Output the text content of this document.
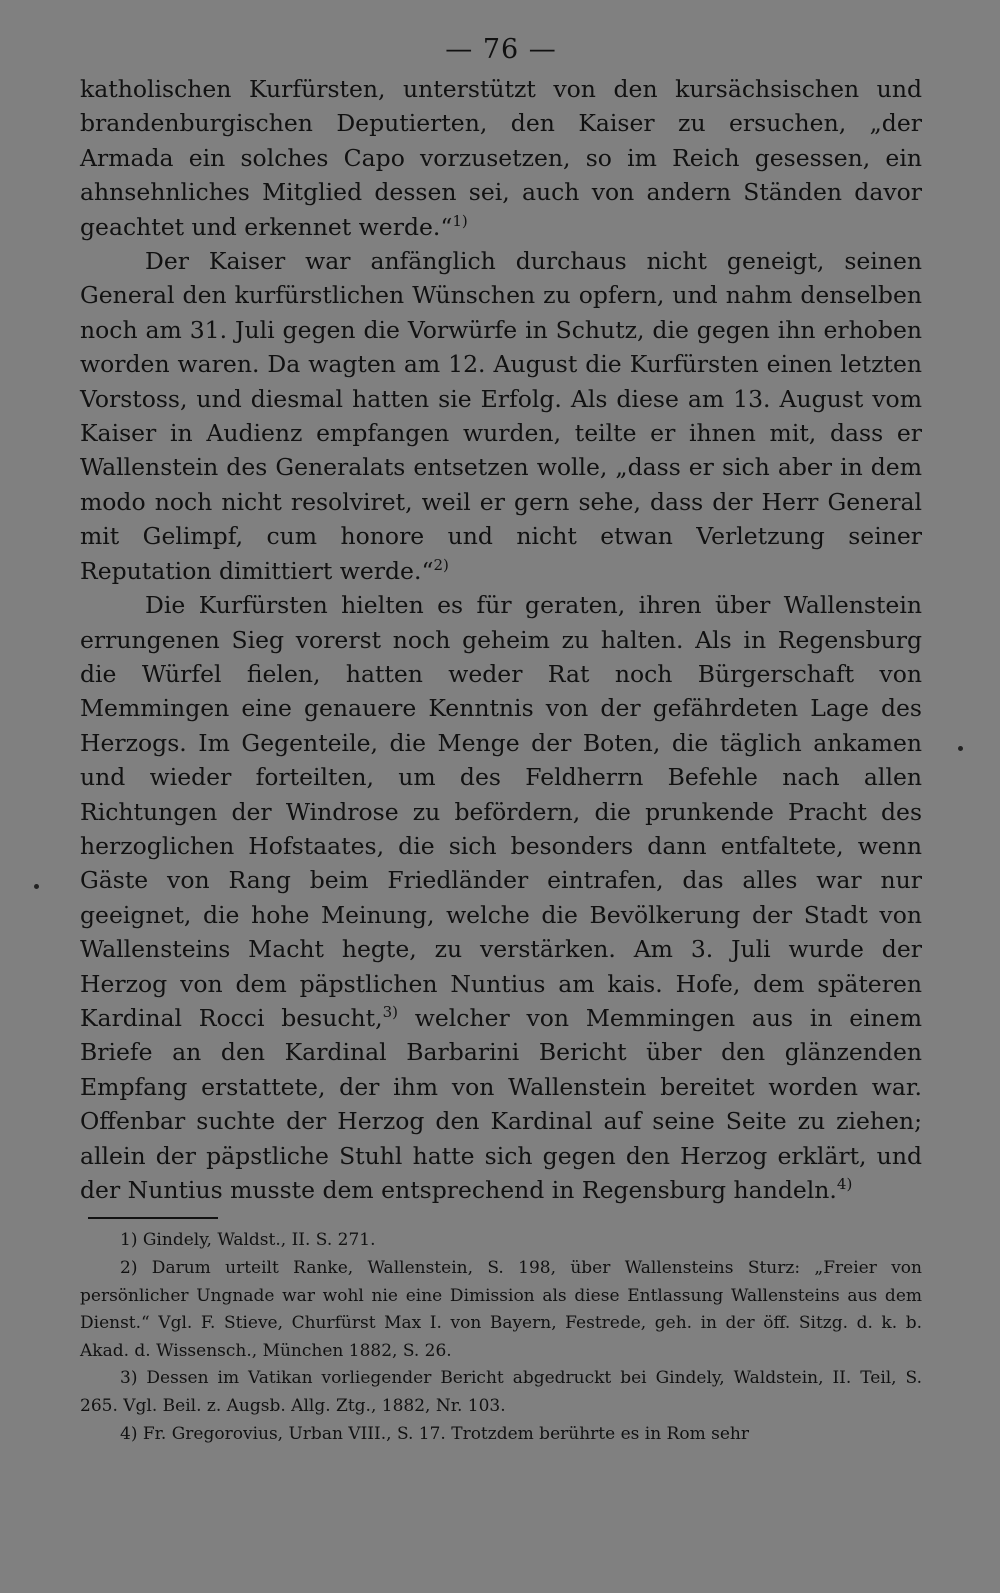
— 76 —

katholischen Kurfürsten, unterstützt von den kursächsischen und brandenburgischen Deputierten, den Kaiser zu ersuchen, „der Armada ein solches Capo vorzusetzen, so im Reich gesessen, ein ahnsehnliches Mitglied dessen sei, auch von andern Ständen davor geachtet und erkennet werde.“$^{1)}$

Der Kaiser war anfänglich durchaus nicht geneigt, seinen General den kurfürstlichen Wünschen zu opfern, und nahm denselben noch am 31. Juli gegen die Vorwürfe in Schutz, die gegen ihn erhoben worden waren. Da wagten am 12. August die Kurfürsten einen letzten Vorstoss, und diesmal hatten sie Erfolg. Als diese am 13. August vom Kaiser in Audienz empfangen wurden, teilte er ihnen mit, dass er Wallenstein des Generalats entsetzen wolle, „dass er sich aber in dem modo noch nicht resolviret, weil er gern sehe, dass der Herr General mit Gelimpf, cum honore und nicht etwan Verletzung seiner Reputation dimittiert werde.“$^{2)}$

Die Kurfürsten hielten es für geraten, ihren über Wallenstein errungenen Sieg vorerst noch geheim zu halten. Als in Regensburg die Würfel fielen, hatten weder Rat noch Bürgerschaft von Memmingen eine genauere Kenntnis von der gefährdeten Lage des Herzogs. Im Gegenteile, die Menge der Boten, die täglich ankamen und wieder forteilten, um des Feldherrn Befehle nach allen Richtungen der Windrose zu befördern, die prunkende Pracht des herzoglichen Hofstaates, die sich besonders dann entfaltete, wenn Gäste von Rang beim Friedländer eintrafen, das alles war nur geeignet, die hohe Meinung, welche die Bevölkerung der Stadt von Wallensteins Macht hegte, zu verstärken. Am 3. Juli wurde der Herzog von dem päpstlichen Nuntius am kais. Hofe, dem späteren Kardinal Rocci besucht,$^{3)}$ welcher von Memmingen aus in einem Briefe an den Kardinal Barbarini Bericht über den glänzenden Empfang erstattete, der ihm von Wallenstein bereitet worden war. Offenbar suchte der Herzog den Kardinal auf seine Seite zu ziehen; allein der päpstliche Stuhl hatte sich gegen den Herzog erklärt, und der Nuntius musste dem entsprechend in Regensburg handeln.$^{4)}$

1) Gindely, Waldst., II. S. 271.

2) Darum urteilt Ranke, Wallenstein, S. 198, über Wallensteins Sturz: „Freier von persönlicher Ungnade war wohl nie eine Dimission als diese Entlassung Wallensteins aus dem Dienst.“ Vgl. F. Stieve, Churfürst Max I. von Bayern, Festrede, geh. in der öff. Sitzg. d. k. b. Akad. d. Wissensch., München 1882, S. 26.

3) Dessen im Vatikan vorliegender Bericht abgedruckt bei Gindely, Waldstein, II. Teil, S. 265. Vgl. Beil. z. Augsb. Allg. Ztg., 1882, Nr. 103.

4) Fr. Gregorovius, Urban VIII., S. 17. Trotzdem berührte es in Rom sehr
